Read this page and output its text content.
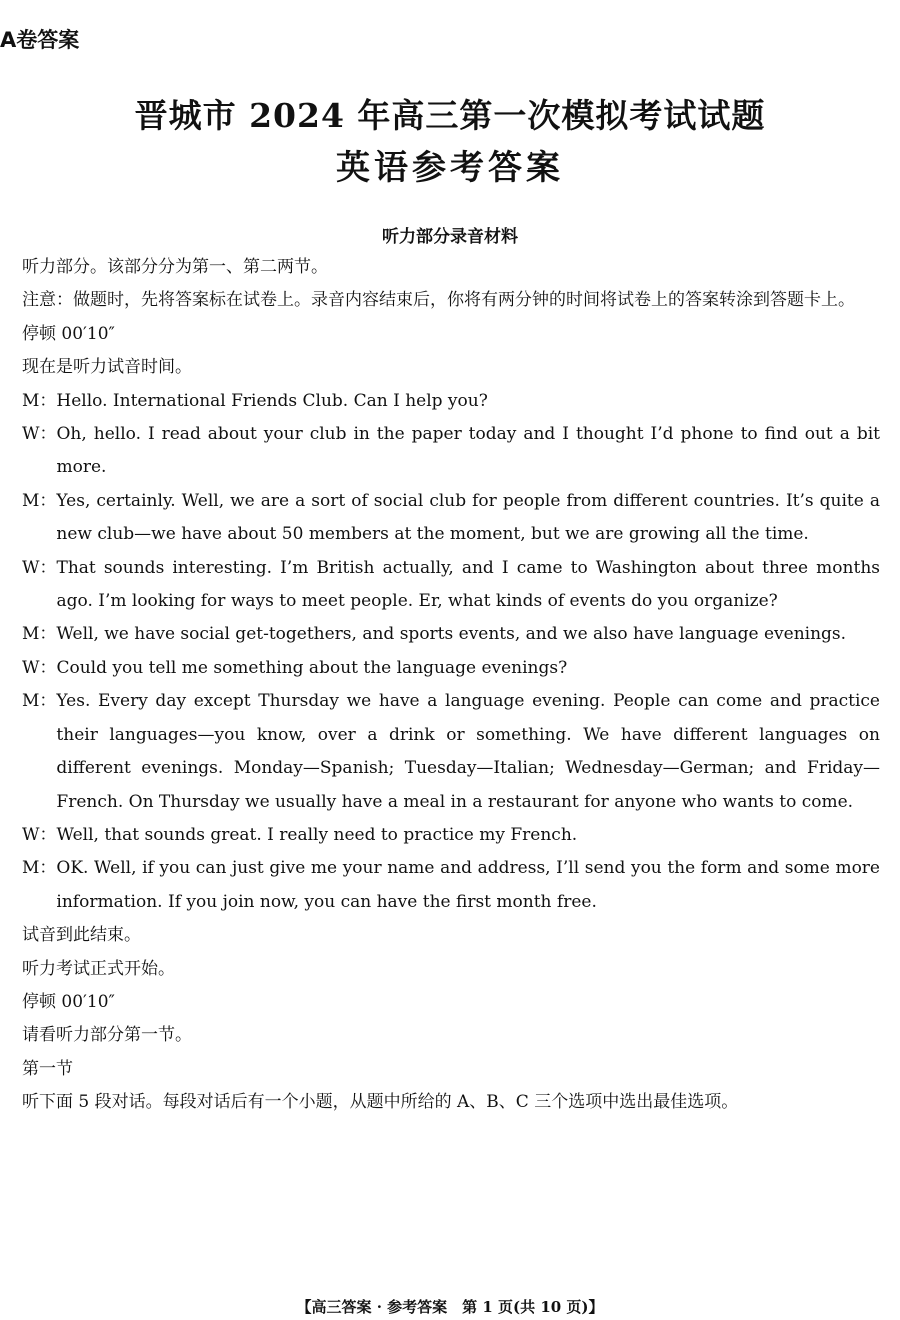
A卷答案
晋城市 2024 年高三第一次模拟考试试题
英语参考答案
听力部分录音材料

听力部分。该部分分为第一、第二两节。

注意：做题时，先将答案标在试卷上。录音内容结束后，你将有两分钟的时间将试卷上的答案转涂到答题卡上。

停顿 00′10″

现在是听力试音时间。

M： Hello. International Friends Club. Can I help you?
W： Oh, hello. I read about your club in the paper today and I thought I’d phone to find out a bit more.
M： Yes, certainly. Well, we are a sort of social club for people from different countries. It’s quite a new club—we have about 50 members at the moment, but we are growing all the time.
W： That sounds interesting. I’m British actually, and I came to Washington about three months ago. I’m looking for ways to meet people. Er, what kinds of events do you organize?
M： Well, we have social get-togethers, and sports events, and we also have language evenings.
W： Could you tell me something about the language evenings?
M： Yes. Every day except Thursday we have a language evening. People can come and practice their languages—you know, over a drink or something. We have different languages on different evenings. Monday—Spanish; Tuesday—Italian; Wednesday—German; and Friday—French. On Thursday we usually have a meal in a restaurant for anyone who wants to come.
W： Well, that sounds great. I really need to practice my French.
M： OK. Well, if you can just give me your name and address, I’ll send you the form and some more information. If you join now, you can have the first month free.

试音到此结束。

听力考试正式开始。

停顿 00′10″

请看听力部分第一节。

第一节

听下面 5 段对话。每段对话后有一个小题，从题中所给的 A、B、C 三个选项中选出最佳选项。

【高三答案 · 参考答案　第 1 页(共 10 页)】
